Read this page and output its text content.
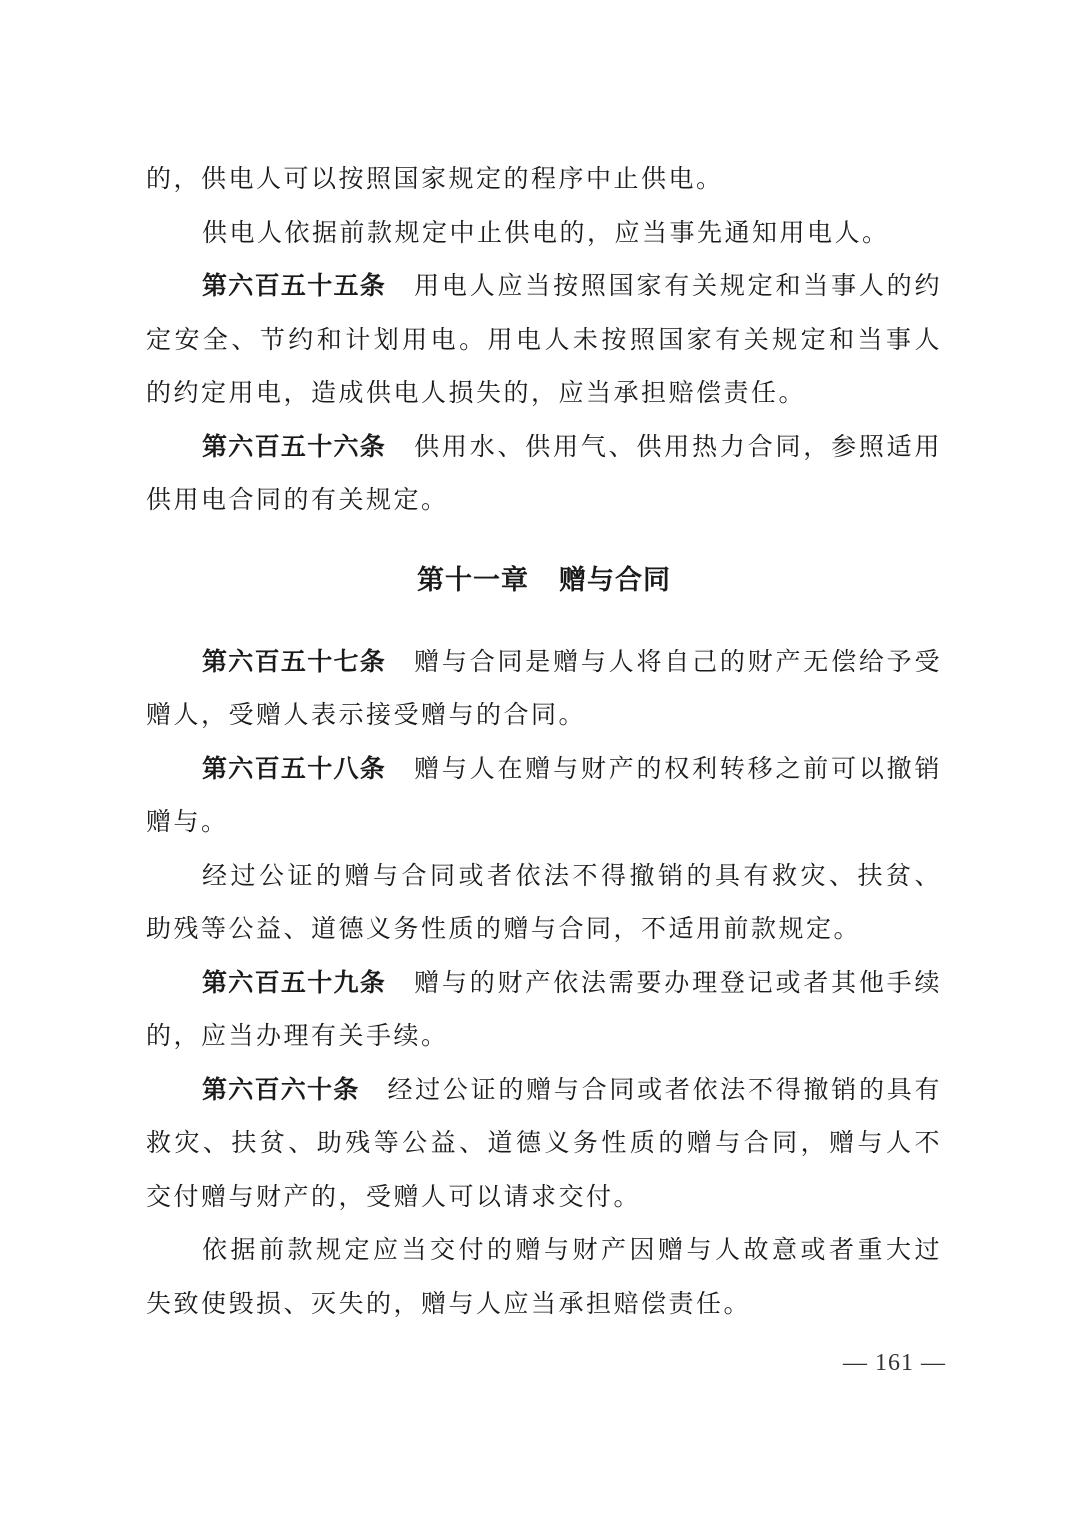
的，供电人可以按照国家规定的程序中止供电。

供电人依据前款规定中止供电的，应当事先通知用电人。

第六百五十五条 用电人应当按照国家有关规定和当事人的约定安全、节约和计划用电。用电人未按照国家有关规定和当事人的约定用电，造成供电人损失的，应当承担赔偿责任。

第六百五十六条 供用水、供用气、供用热力合同，参照适用供用电合同的有关规定。

第十一章 赠与合同

第六百五十七条 赠与合同是赠与人将自己的财产无偿给予受赠人，受赠人表示接受赠与的合同。

第六百五十八条 赠与人在赠与财产的权利转移之前可以撤销赠与。

经过公证的赠与合同或者依法不得撤销的具有救灾、扶贫、助残等公益、道德义务性质的赠与合同，不适用前款规定。

第六百五十九条 赠与的财产依法需要办理登记或者其他手续的，应当办理有关手续。

第六百六十条 经过公证的赠与合同或者依法不得撤销的具有救灾、扶贫、助残等公益、道德义务性质的赠与合同，赠与人不交付赠与财产的，受赠人可以请求交付。

依据前款规定应当交付的赠与财产因赠与人故意或者重大过失致使毁损、灭失的，赠与人应当承担赔偿责任。

— 161 —
